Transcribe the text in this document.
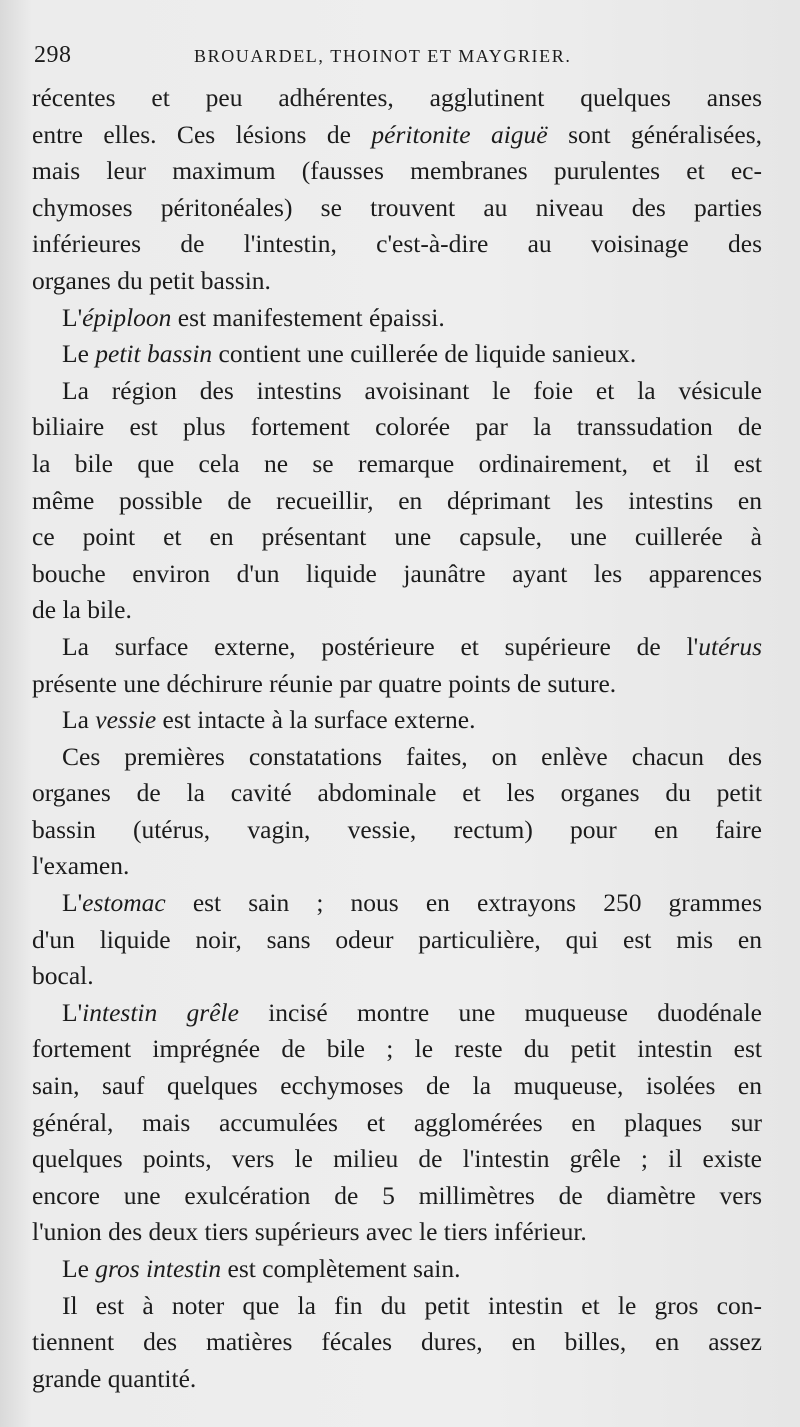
298	BROUARDEL, THOINOT ET MAYGRIER.
récentes et peu adhérentes, agglutinent quelques anses
entre elles. Ces lésions de péritonite aiguë sont généralisées,
mais leur maximum (fausses membranes purulentes et ec-
chymoses péritonéales) se trouvent au niveau des parties
inférieures de l'intestin, c'est-à-dire au voisinage des
organes du petit bassin.
L'épiploon est manifestement épaissi.
Le petit bassin contient une cuillerée de liquide sanieux.
La région des intestins avoisinant le foie et la vésicule
biliaire est plus fortement colorée par la transsudation de
la bile que cela ne se remarque ordinairement, et il est
même possible de recueillir, en déprimant les intestins en
ce point et en présentant une capsule, une cuillerée à
bouche environ d'un liquide jaunâtre ayant les apparences
de la bile.
La surface externe, postérieure et supérieure de l'utérus
présente une déchirure réunie par quatre points de suture.
La vessie est intacte à la surface externe.
Ces premières constatations faites, on enlève chacun des
organes de la cavité abdominale et les organes du petit
bassin (utérus, vagin, vessie, rectum) pour en faire
l'examen.
L'estomac est sain ; nous en extrayons 250 grammes
d'un liquide noir, sans odeur particulière, qui est mis en
bocal.
L'intestin grêle incisé montre une muqueuse duodénale
fortement imprégnée de bile ; le reste du petit intestin est
sain, sauf quelques ecchymoses de la muqueuse, isolées en
général, mais accumulées et agglomérées en plaques sur
quelques points, vers le milieu de l'intestin grêle ; il existe
encore une exulcération de 5 millimètres de diamètre vers
l'union des deux tiers supérieurs avec le tiers inférieur.
Le gros intestin est complètement sain.
Il est à noter que la fin du petit intestin et le gros con-
tiennent des matières fécales dures, en billes, en assez
grande quantité.
